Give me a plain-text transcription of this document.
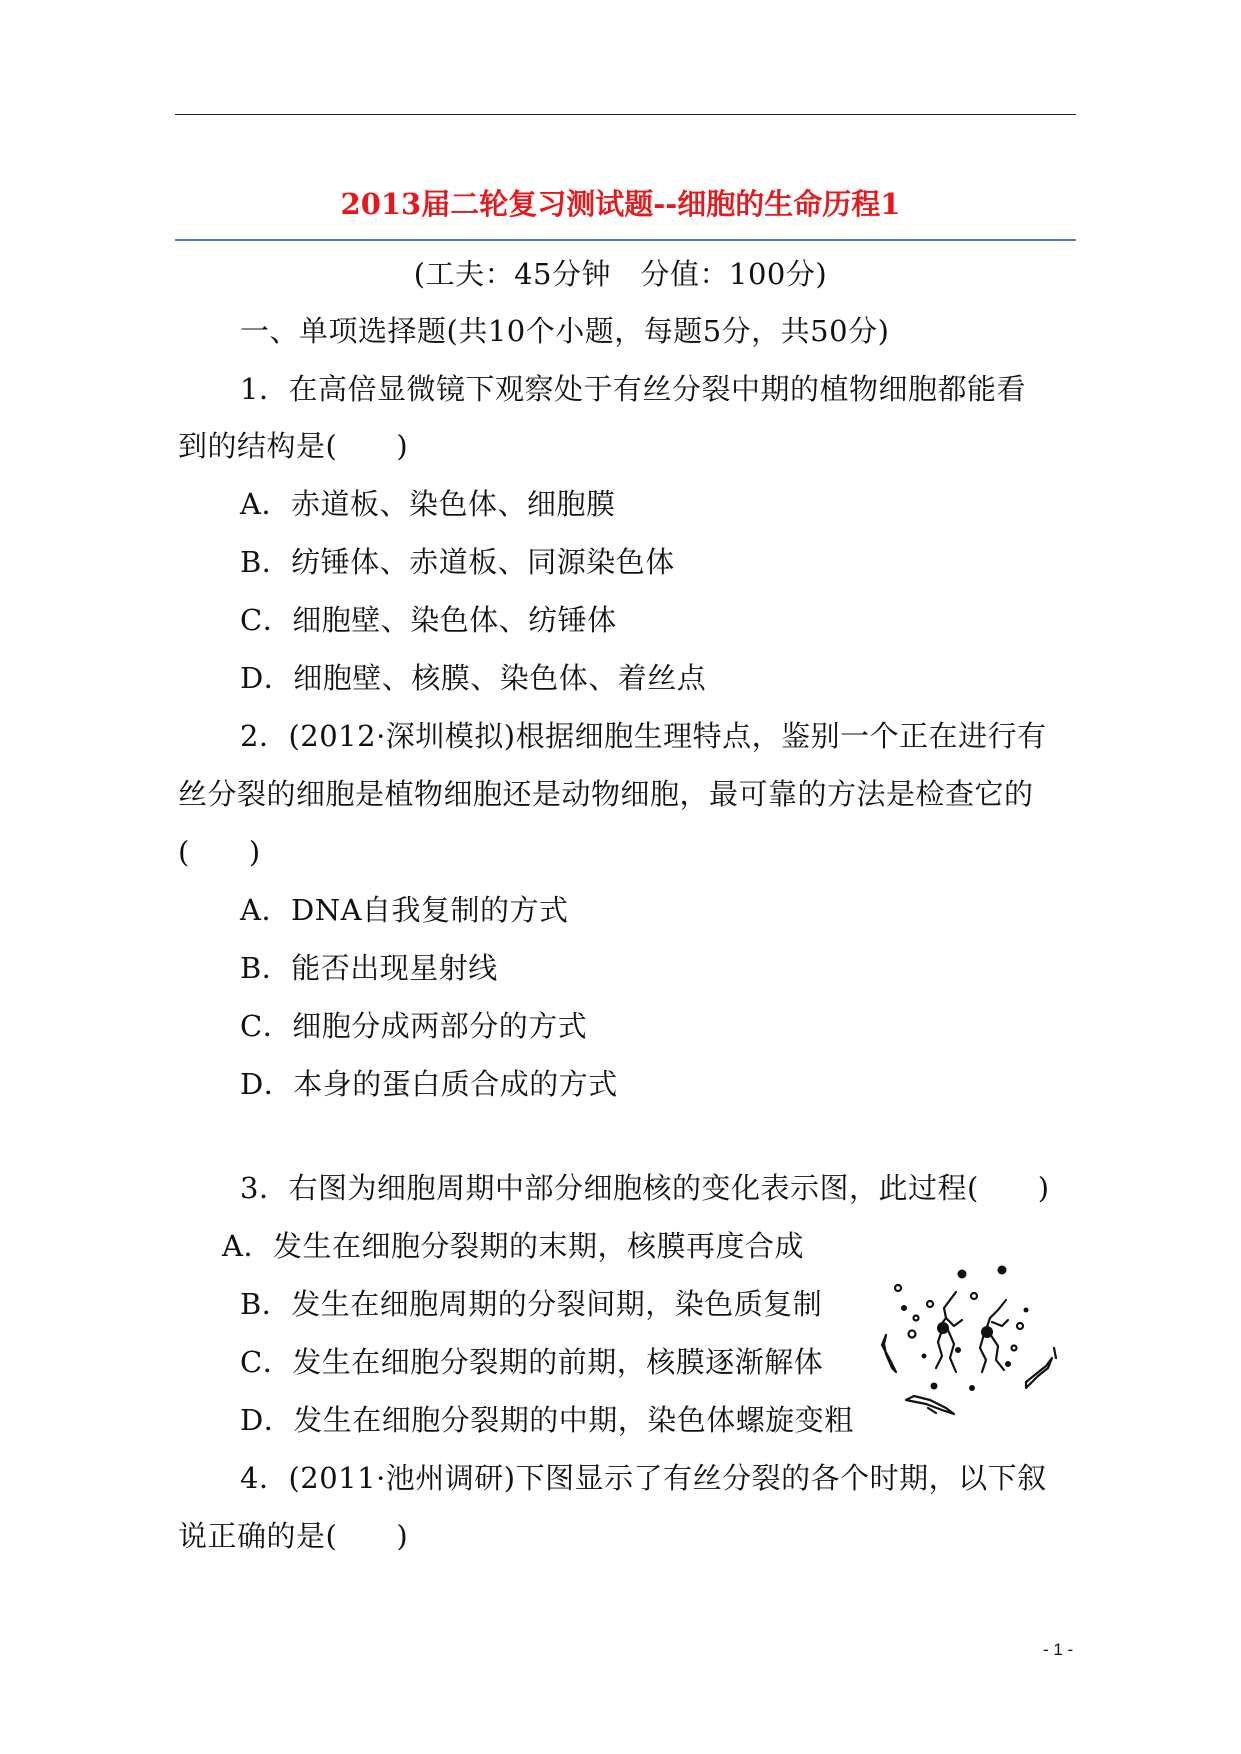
2013届二轮复习测试题--细胞的生命历程1
(工夫：45分钟　分值：100分)
一、单项选择题(共10个小题，每题5分，共50分)
1．在高倍显微镜下观察处于有丝分裂中期的植物细胞都能看
到的结构是(　　)
A．赤道板、染色体、细胞膜
B．纺锤体、赤道板、同源染色体
C．细胞壁、染色体、纺锤体
D．细胞壁、核膜、染色体、着丝点
2．(2012·深圳模拟)根据细胞生理特点，鉴别一个正在进行有
丝分裂的细胞是植物细胞还是动物细胞，最可靠的方法是检查它的
(　　)
A．DNA自我复制的方式
B．能否出现星射线
C．细胞分成两部分的方式
D．本身的蛋白质合成的方式
3．右图为细胞周期中部分细胞核的变化表示图，此过程(　　)
A．发生在细胞分裂期的末期，核膜再度合成
B．发生在细胞周期的分裂间期，染色质复制
C．发生在细胞分裂期的前期，核膜逐渐解体
D．发生在细胞分裂期的中期，染色体螺旋变粗
4．(2011·池州调研)下图显示了有丝分裂的各个时期，以下叙
说正确的是(　　)
- 1 -
